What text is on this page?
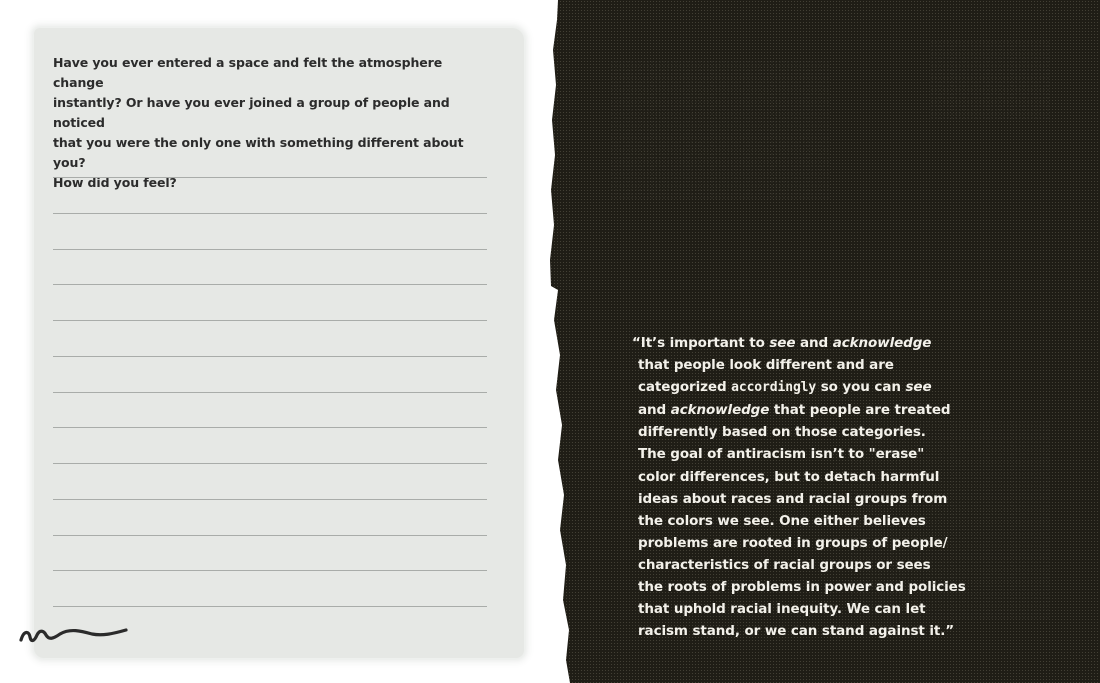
Have you ever entered a space and felt the atmosphere change
instantly? Or have you ever joined a group of people and noticed
that you were the only one with something different about you?
How did you feel?

“It’s important to see and acknowledge
that people look different and are
categorized accordingly so you can see
and acknowledge that people are treated
differently based on those categories.
The goal of antiracism isn’t to "erase"
color differences, but to detach harmful
ideas about races and racial groups from
the colors we see. One either believes
problems are rooted in groups of people/
characteristics of racial groups or sees
the roots of problems in power and policies
that uphold racial inequity. We can let
racism stand, or we can stand against it.”
